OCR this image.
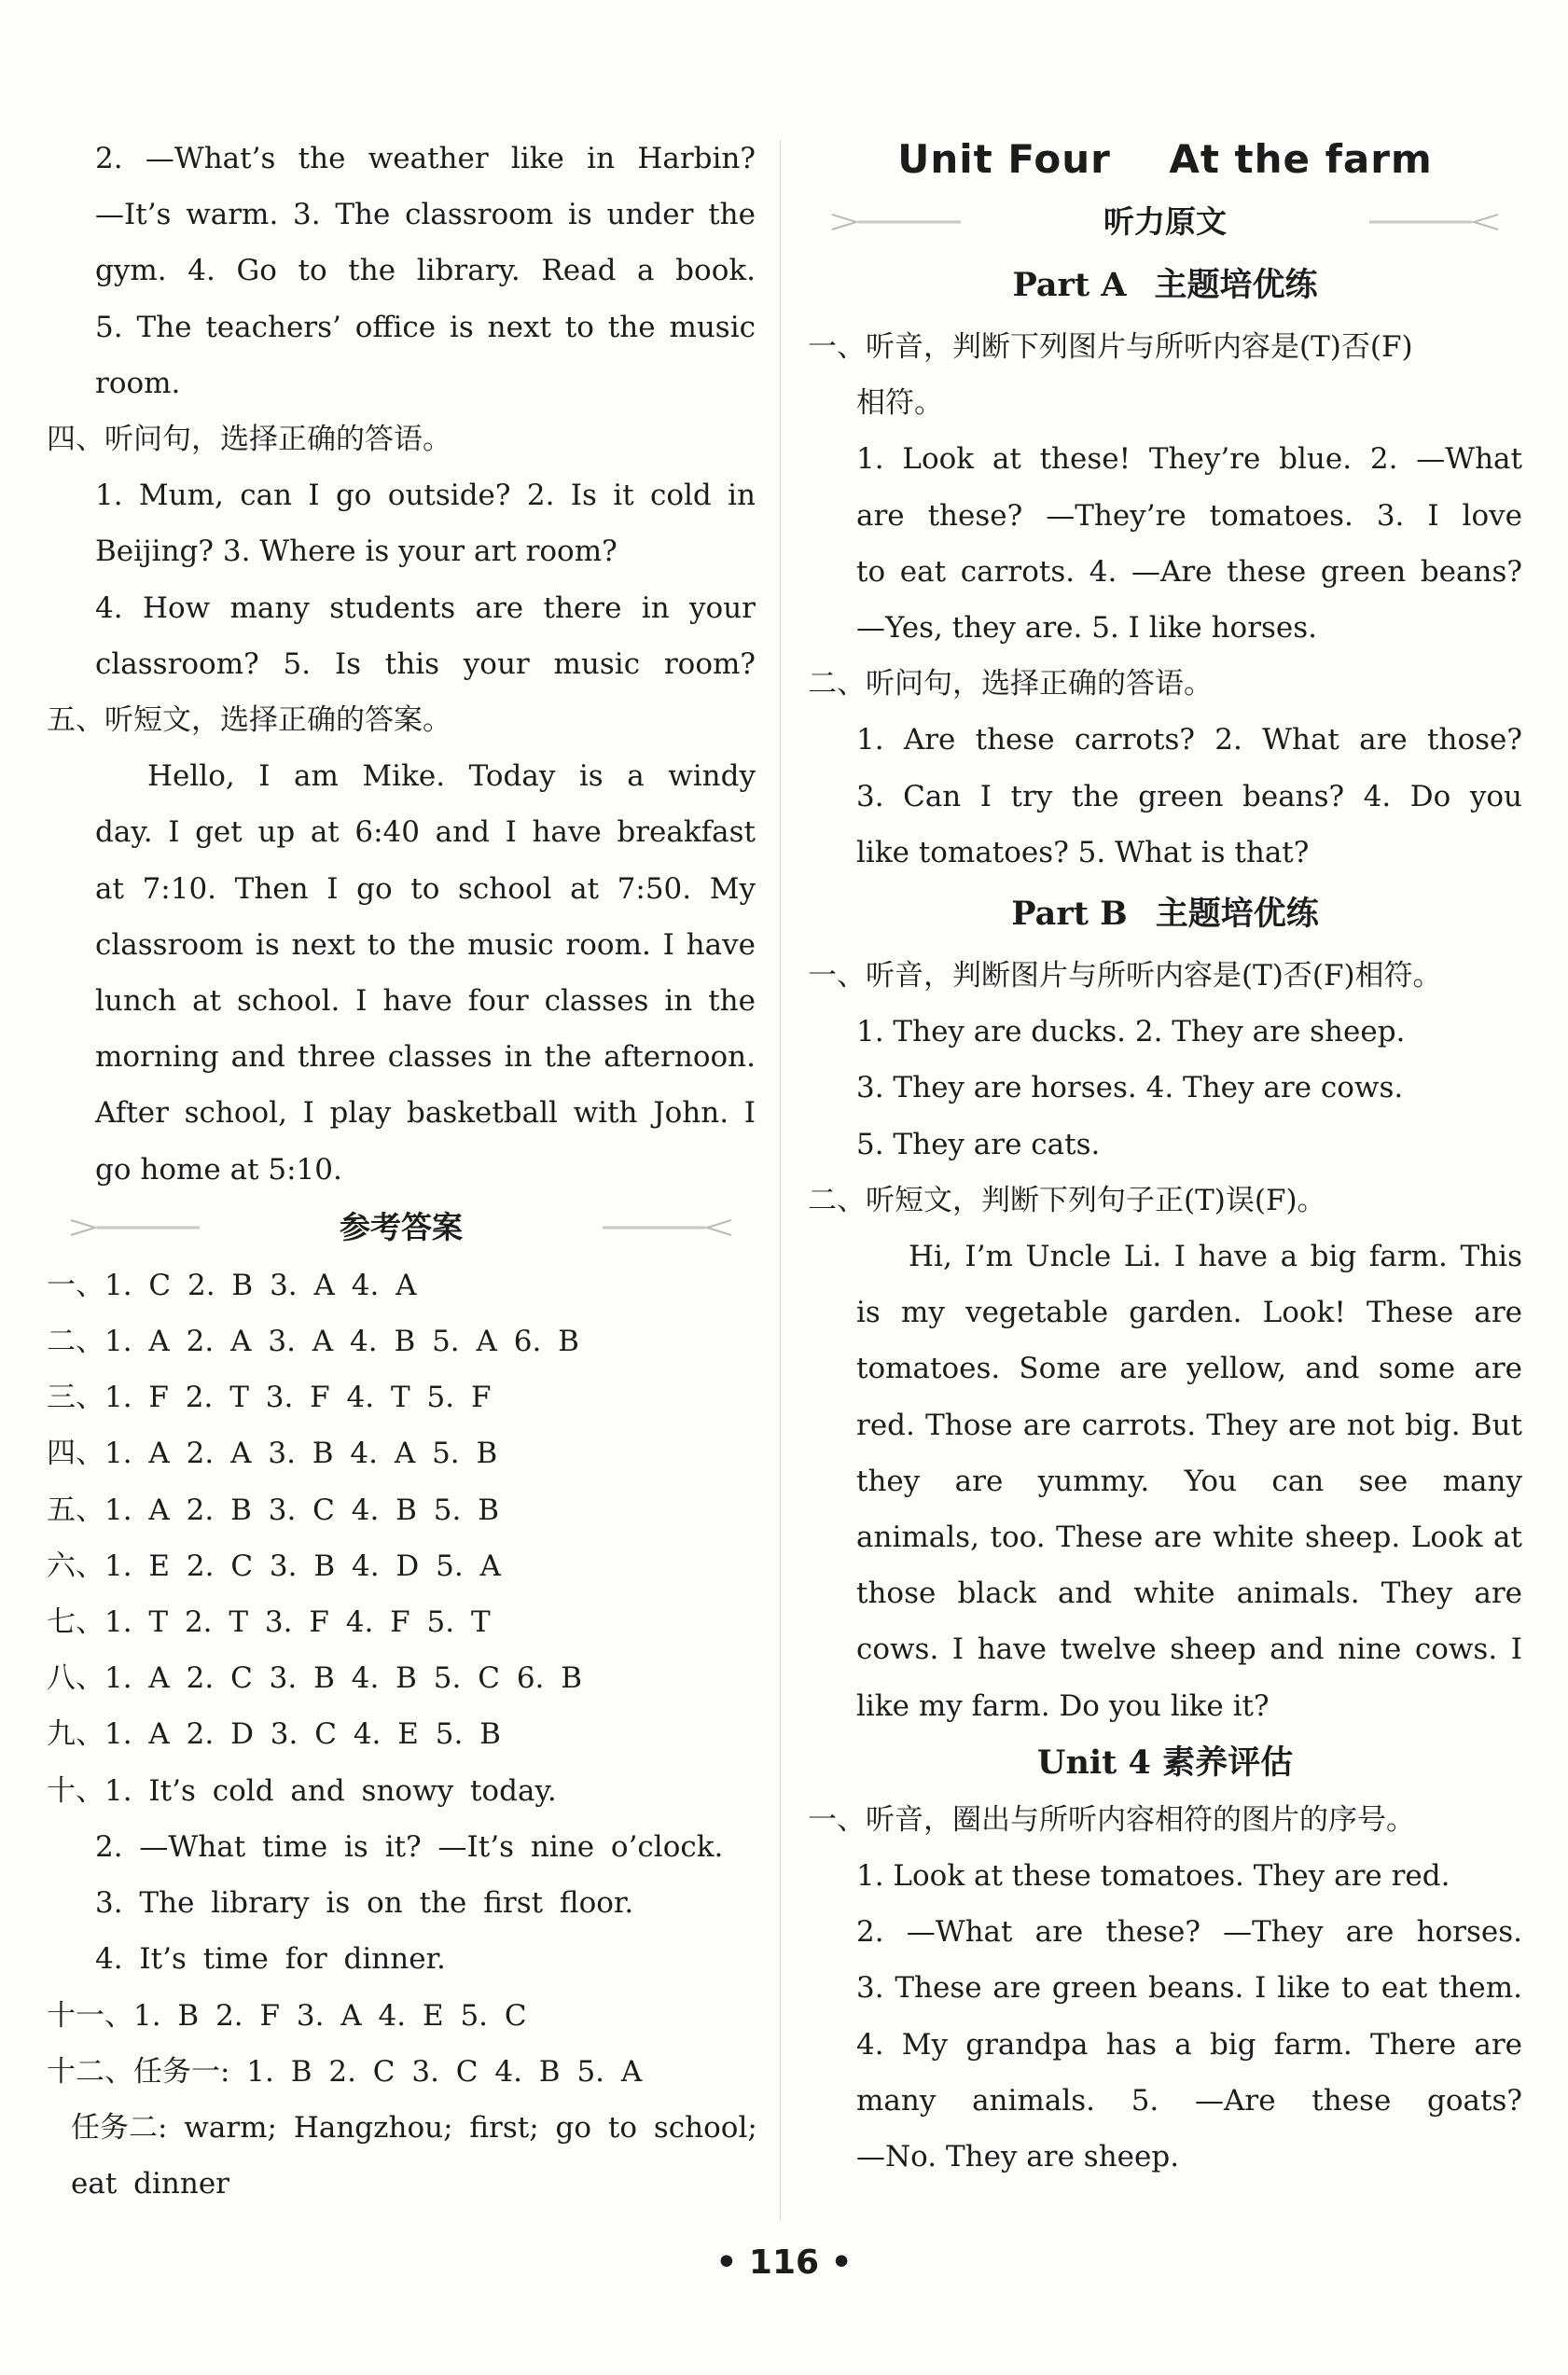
2. —What’s the weather like in Harbin?

—It’s warm. 3. The classroom is under the

gym. 4. Go to the library. Read a book.

5. The teachers’ office is next to the music

room.

四、听问句，选择正确的答语。

1. Mum, can I go outside? 2. Is it cold in

Beijing? 3. Where is your art room?

4. How many students are there in your

classroom? 5. Is this your music room?

五、听短文，选择正确的答案。

Hello, I am Mike. Today is a windy

day. I get up at 6:40 and I have breakfast

at 7:10. Then I go to school at 7:50. My

classroom is next to the music room. I have

lunch at school. I have four classes in the

morning and three classes in the afternoon.

After school, I play basketball with John. I

go home at 5:10.

参考答案

一、1. C 2. B 3. A 4. A

二、1. A 2. A 3. A 4. B 5. A 6. B

三、1. F 2. T 3. F 4. T 5. F

四、1. A 2. A 3. B 4. A 5. B

五、1. A 2. B 3. C 4. B 5. B

六、1. E 2. C 3. B 4. D 5. A

七、1. T 2. T 3. F 4. F 5. T

八、1. A 2. C 3. B 4. B 5. C 6. B

九、1. A 2. D 3. C 4. E 5. B

十、1. It’s cold and snowy today.

2. —What time is it? —It’s nine o’clock.

3. The library is on the first floor.

4. It’s time for dinner.

十一、1. B 2. F 3. A 4. E 5. C

十二、任务一: 1. B 2. C 3. C 4. B 5. A

任务二: warm; Hangzhou; first; go to school;

eat dinner

Unit Four    At the farm

听力原文

Part A 主题培优练

一、听音，判断下列图片与所听内容是(T)否(F)

相符。

1. Look at these! They’re blue. 2. —What

are these? —They’re tomatoes. 3. I love

to eat carrots. 4. —Are these green beans?

—Yes, they are. 5. I like horses.

二、听问句，选择正确的答语。

1. Are these carrots? 2. What are those?

3. Can I try the green beans? 4. Do you

like tomatoes? 5. What is that?

Part B 主题培优练

一、听音，判断图片与所听内容是(T)否(F)相符。

1. They are ducks. 2. They are sheep.

3. They are horses. 4. They are cows.

5. They are cats.

二、听短文，判断下列句子正(T)误(F)。

Hi, I’m Uncle Li. I have a big farm. This

is my vegetable garden. Look! These are

tomatoes. Some are yellow, and some are

red. Those are carrots. They are not big. But

they are yummy. You can see many

animals, too. These are white sheep. Look at

those black and white animals. They are

cows. I have twelve sheep and nine cows. I

like my farm. Do you like it?

Unit 4 素养评估

一、听音，圈出与所听内容相符的图片的序号。

1. Look at these tomatoes. They are red.

2. —What are these? —They are horses.

3. These are green beans. I like to eat them.

4. My grandpa has a big farm. There are

many animals. 5. —Are these goats?

—No. They are sheep.

• 116 •
